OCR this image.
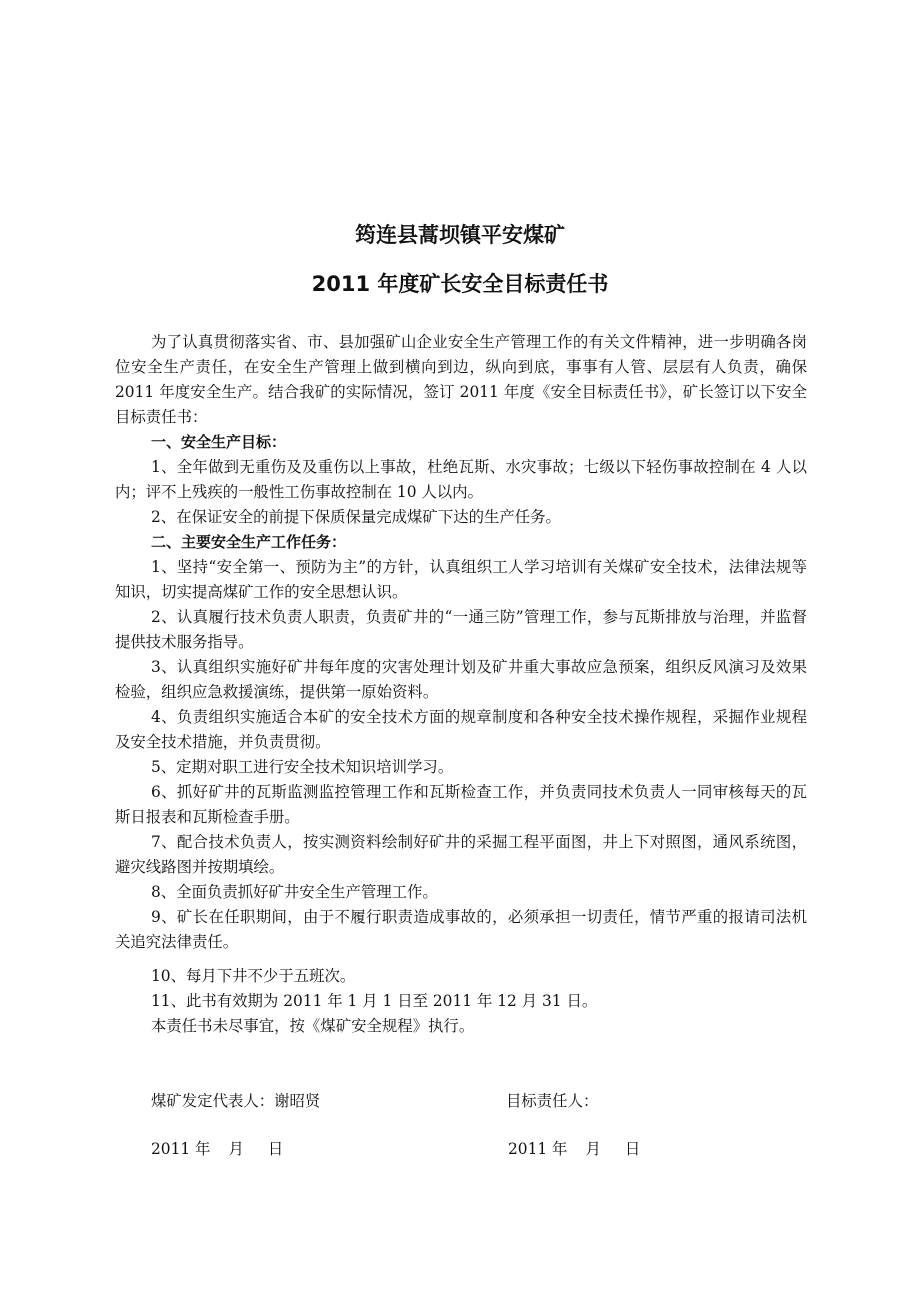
筠连县蒿坝镇平安煤矿
2011 年度矿长安全目标责任书

为了认真贯彻落实省、市、县加强矿山企业安全生产管理工作的有关文件精神，进一步明确各岗位安全生产责任，在安全生产管理上做到横向到边，纵向到底，事事有人管、层层有人负责，确保 2011 年度安全生产。结合我矿的实际情况，签订 2011 年度《安全目标责任书》，矿长签订以下安全目标责任书：

一、安全生产目标：

1、全年做到无重伤及及重伤以上事故，杜绝瓦斯、水灾事故；七级以下轻伤事故控制在 4 人以内；评不上残疾的一般性工伤事故控制在 10 人以内。

2、在保证安全的前提下保质保量完成煤矿下达的生产任务。

二、主要安全生产工作任务：

1、坚持“安全第一、预防为主”的方针，认真组织工人学习培训有关煤矿安全技术，法律法规等知识，切实提高煤矿工作的安全思想认识。

2、认真履行技术负责人职责，负责矿井的“一通三防”管理工作，参与瓦斯排放与治理，并监督提供技术服务指导。

3、认真组织实施好矿井每年度的灾害处理计划及矿井重大事故应急预案，组织反风演习及效果检验，组织应急救援演练，提供第一原始资料。

4、负责组织实施适合本矿的安全技术方面的规章制度和各种安全技术操作规程，采掘作业规程及安全技术措施，并负责贯彻。

5、定期对职工进行安全技术知识培训学习。

6、抓好矿井的瓦斯监测监控管理工作和瓦斯检查工作，并负责同技术负责人一同审核每天的瓦斯日报表和瓦斯检查手册。

7、配合技术负责人，按实测资料绘制好矿井的采掘工程平面图，井上下对照图，通风系统图，避灾线路图并按期填绘。

8、全面负责抓好矿井安全生产管理工作。

9、矿长在任职期间，由于不履行职责造成事故的，必须承担一切责任，情节严重的报请司法机关追究法律责任。

10、每月下井不少于五班次。

11、此书有效期为 2011 年 1 月 1 日至 2011 年 12 月 31 日。

本责任书未尽事宜，按《煤矿安全规程》执行。

煤矿发定代表人：谢昭贤	目标责任人：
2011 年 月 日	2011 年 月 日
